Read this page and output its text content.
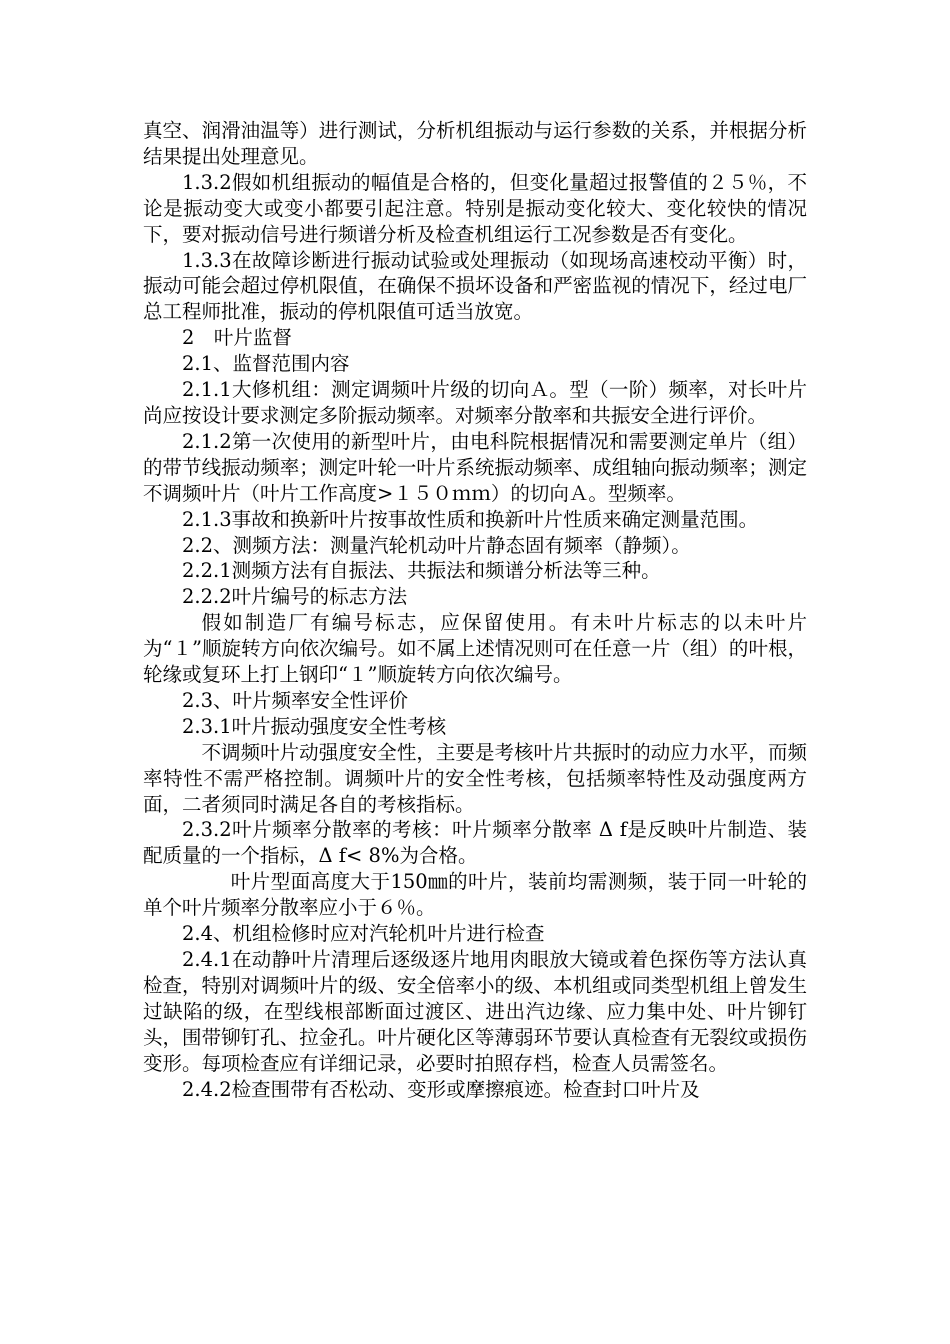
真空、润滑油温等）进行测试，分析机组振动与运行参数的关系，并根据分析结果提出处理意见。

1.3.2假如机组振动的幅值是合格的，但变化量超过报警值的２５％，不论是振动变大或变小都要引起注意。特别是振动变化较大、变化较快的情况下，要对振动信号进行频谱分析及检查机组运行工况参数是否有变化。

1.3.3在故障诊断进行振动试验或处理振动（如现场高速校动平衡）时，振动可能会超过停机限值，在确保不损坏设备和严密监视的情况下，经过电厂总工程师批准，振动的停机限值可适当放宽。

2　叶片监督

2.1、监督范围内容

2.1.1大修机组：测定调频叶片级的切向Ａ。型（一阶）频率，对长叶片尚应按设计要求测定多阶振动频率。对频率分散率和共振安全进行评价。

2.1.2第一次使用的新型叶片，由电科院根据情况和需要测定单片（组）的带节线振动频率；测定叶轮一叶片系统振动频率、成组轴向振动频率；测定不调频叶片（叶片工作高度>１５０ｍｍ）的切向Ａ。型频率。

2.1.3事故和换新叶片按事故性质和换新叶片性质来确定测量范围。

2.2、测频方法：测量汽轮机动叶片静态固有频率（静频）。

2.2.1测频方法有自振法、共振法和频谱分析法等三种。

2.2.2叶片编号的标志方法

假如制造厂有编号标志，应保留使用。有未叶片标志的以未叶片为“１”顺旋转方向依次编号。如不属上述情况则可在任意一片（组）的叶根，轮缘或复环上打上钢印“１”顺旋转方向依次编号。

2.3、叶片频率安全性评价

2.3.1叶片振动强度安全性考核

不调频叶片动强度安全性，主要是考核叶片共振时的动应力水平，而频率特性不需严格控制。调频叶片的安全性考核，包括频率特性及动强度两方面，二者须同时满足各自的考核指标。

2.3.2叶片频率分散率的考核：叶片频率分散率 Δ f是反映叶片制造、装配质量的一个指标，Δ f< 8%为合格。

叶片型面高度大于150㎜的叶片，装前均需测频，装于同一叶轮的单个叶片频率分散率应小于６％。

2.4、机组检修时应对汽轮机叶片进行检查

2.4.1在动静叶片清理后逐级逐片地用肉眼放大镜或着色探伤等方法认真检查，特别对调频叶片的级、安全倍率小的级、本机组或同类型机组上曾发生过缺陷的级，在型线根部断面过渡区、进出汽边缘、应力集中处、叶片铆钉头，围带铆钉孔、拉金孔。叶片硬化区等薄弱环节要认真检查有无裂纹或损伤变形。每项检查应有详细记录，必要时拍照存档，检查人员需签名。

2.4.2检查围带有否松动、变形或摩擦痕迹。检查封口叶片及
